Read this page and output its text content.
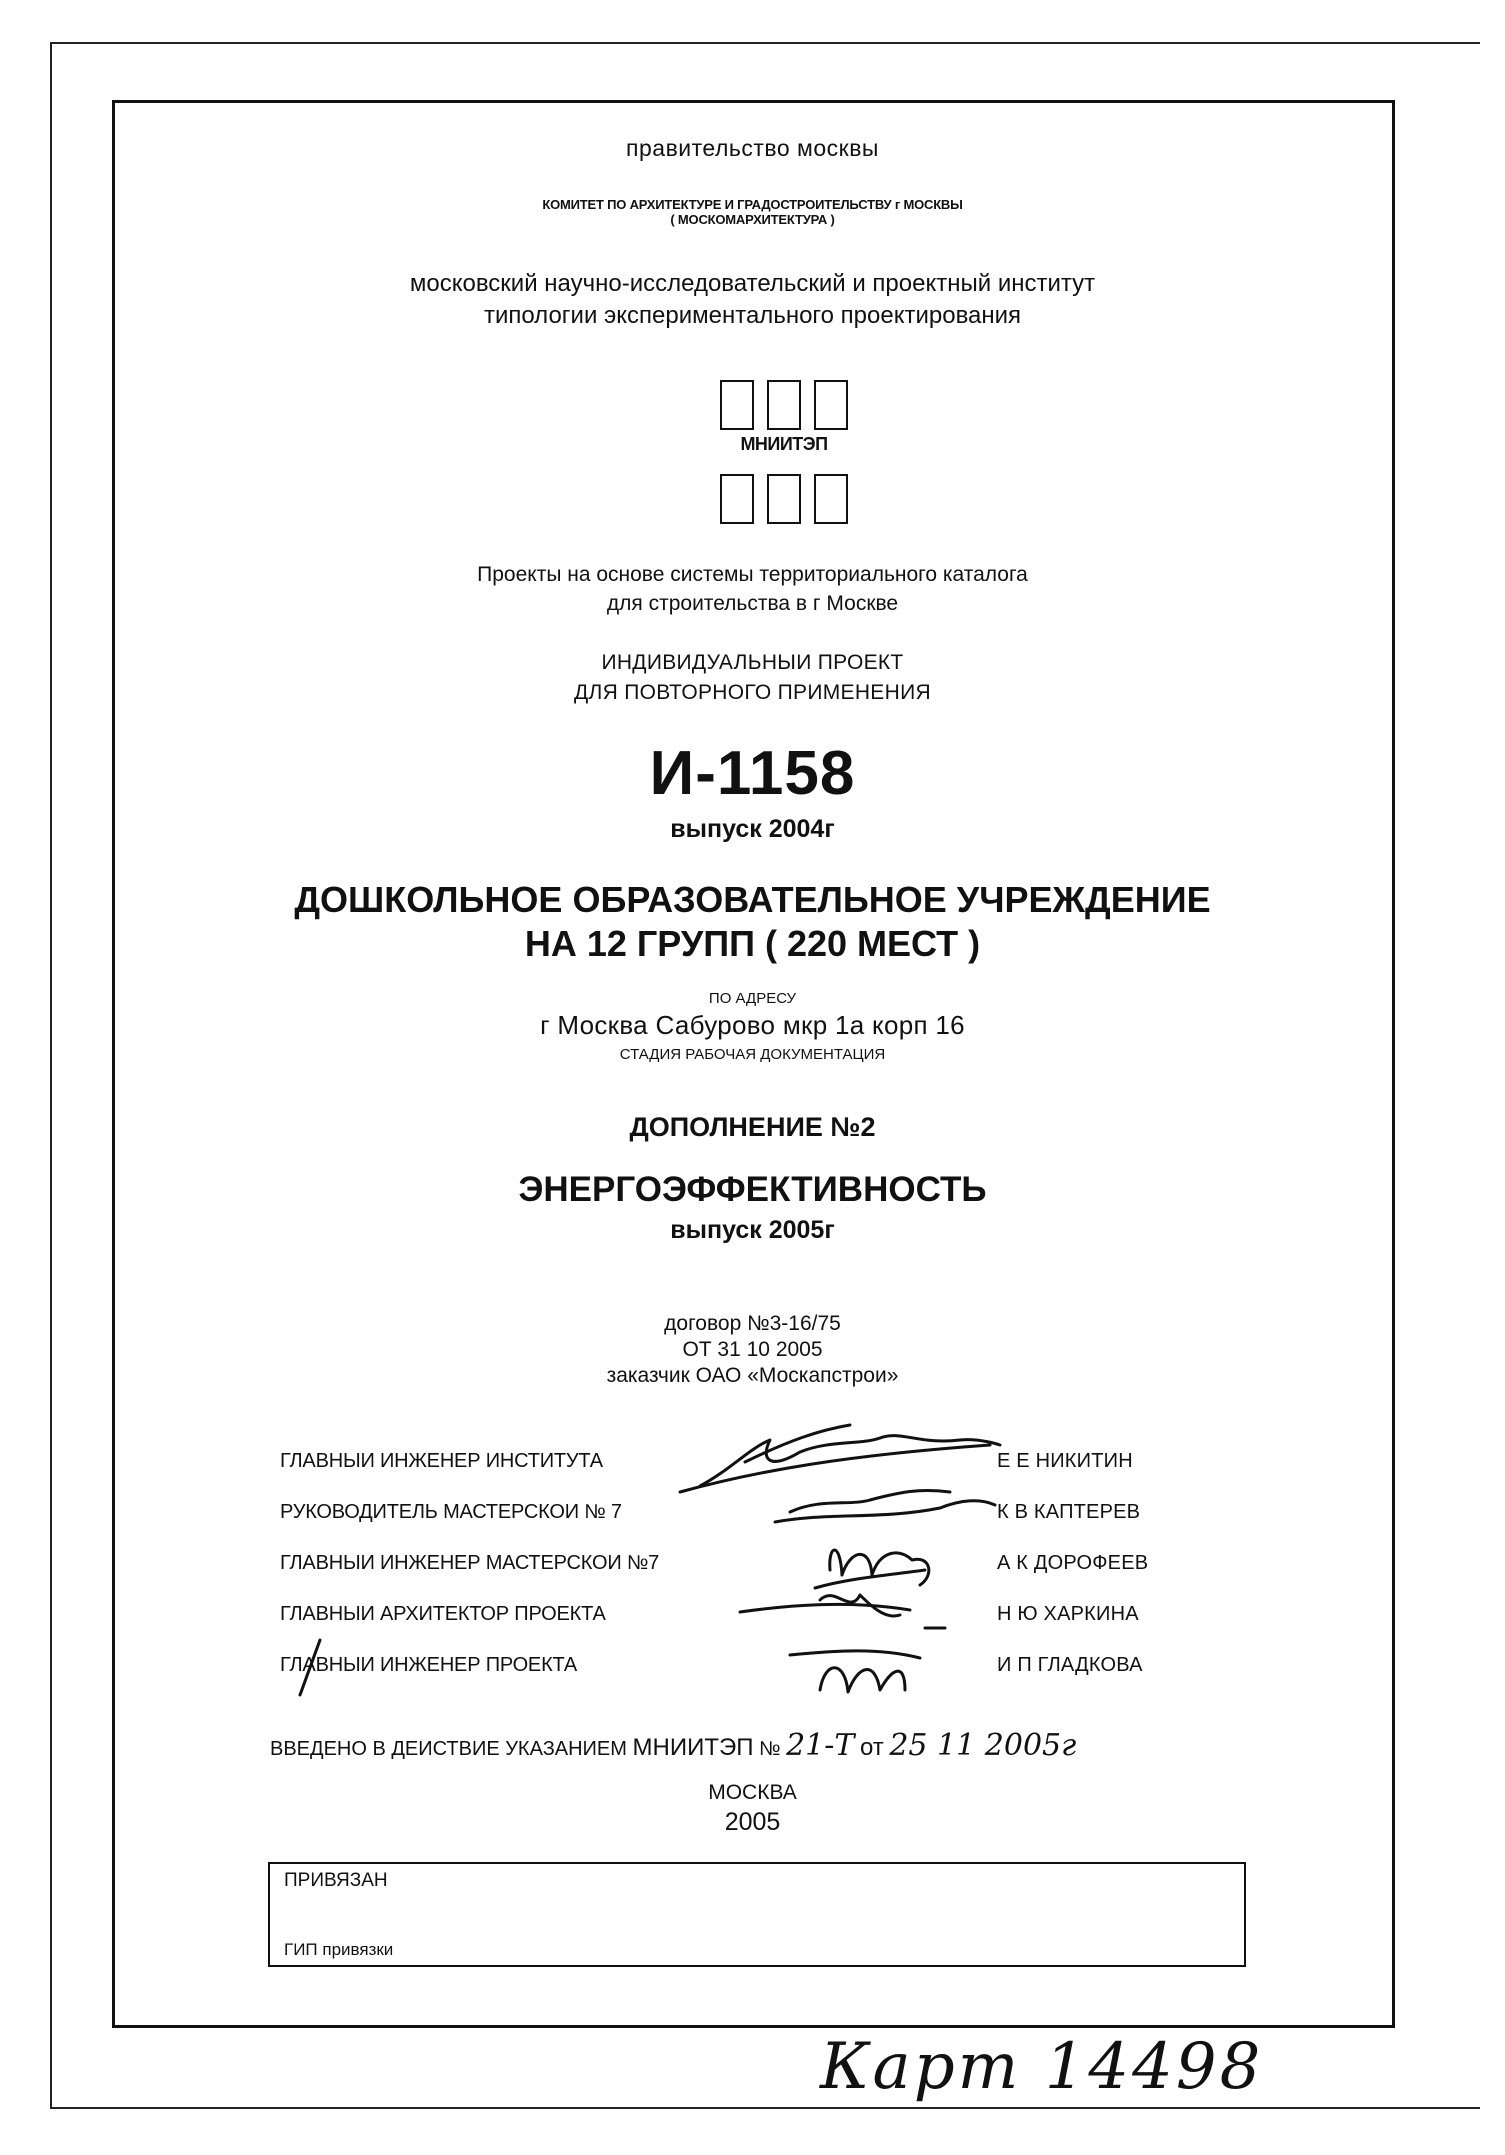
правительство москвы
КОМИТЕТ ПО АРХИТЕКТУРЕ И ГРАДОСТРОИТЕЛЬСТВУ г МОСКВЫ
( МОСКОМАРХИТЕКТУРА )
московский научно-исследовательский и проектный институт
типологии экспериментального проектирования
МНИИТЭП
Проекты на основе системы территориального каталога
для строительства в г Москве
ИНДИВИДУАЛЬНЫИ ПРОЕКТ
ДЛЯ ПОВТОРНОГО ПРИМЕНЕНИЯ
И-1158
выпуск 2004г
ДОШКОЛЬНОЕ ОБРАЗОВАТЕЛЬНОЕ УЧРЕЖДЕНИЕ
НА 12 ГРУПП ( 220 МЕСТ )
ПО АДРЕСУ
г Москва Сабурово мкр 1а корп 16
СТАДИЯ РАБОЧАЯ ДОКУМЕНТАЦИЯ
ДОПОЛНЕНИЕ №2
ЭНЕРГОЭФФЕКТИВНОСТЬ
выпуск 2005г
договор №3-16/75
ОТ 31 10 2005
заказчик ОАО «Москапстрои»
ГЛАВНЫИ ИНЖЕНЕР ИНСТИТУТА	Е Е НИКИТИН
РУКОВОДИТЕЛЬ МАСТЕРСКОИ № 7	К В КАПТЕРЕВ
ГЛАВНЫИ ИНЖЕНЕР МАСТЕРСКОИ №7	А К ДОРОФЕЕВ
ГЛАВНЫИ АРХИТЕКТОР ПРОЕКТА	Н Ю ХАРКИНА
ГЛАВНЫИ ИНЖЕНЕР ПРОЕКТА	И П ГЛАДКОВА
ВВЕДЕНО В ДЕИСТВИЕ УКАЗАНИЕМ МНИИТЭП № 21-Т от 25 11 2005г
МОСКВА
2005
ПРИВЯЗАН
ГИП привязки
Карт 14498
